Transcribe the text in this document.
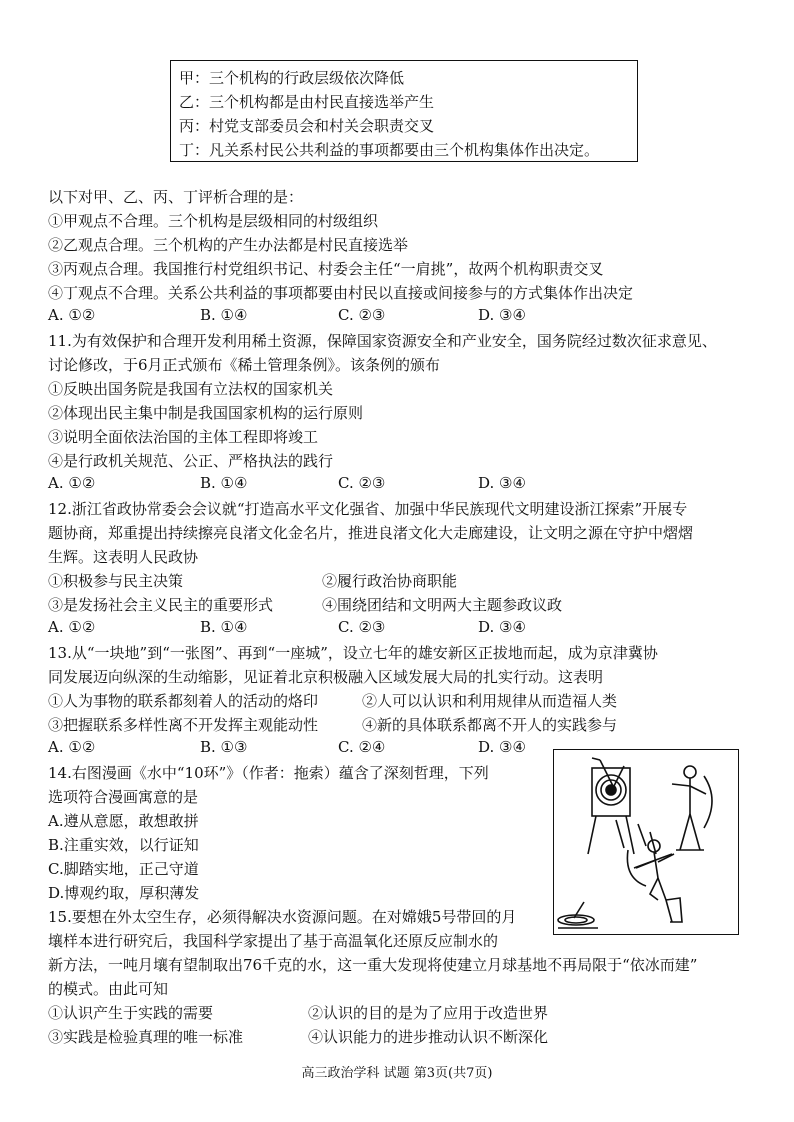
甲：三个机构的行政层级依次降低
乙：三个机构都是由村民直接选举产生
丙：村党支部委员会和村关会职责交叉
丁：凡关系村民公共利益的事项都要由三个机构集体作出决定。
以下对甲、乙、丙、丁评析合理的是：
①甲观点不合理。三个机构是层级相同的村级组织
②乙观点合理。三个机构的产生办法都是村民直接选举
③丙观点合理。我国推行村党组织书记、村委会主任“一肩挑”，故两个机构职责交叉
④丁观点不合理。关系公共利益的事项都要由村民以直接或间接参与的方式集体作出决定
A. ①②	B. ①④	C. ②③	D. ③④
11.为有效保护和合理开发利用稀土资源，保障国家资源安全和产业安全，国务院经过数次征求意见、
讨论修改，于6月正式颁布《稀土管理条例》。该条例的颁布
①反映出国务院是我国有立法权的国家机关
②体现出民主集中制是我国国家机构的运行原则
③说明全面依法治国的主体工程即将竣工
④是行政机关规范、公正、严格执法的践行
A. ①②	B. ①④	C. ②③	D. ③④
12.浙江省政协常委会会议就“打造高水平文化强省、加强中华民族现代文明建设浙江探索”开展专
题协商，郑重提出持续擦亮良渚文化金名片，推进良渚文化大走廊建设，让文明之源在守护中熠熠
生辉。这表明人民政协
①积极参与民主决策	②履行政治协商职能
③是发扬社会主义民主的重要形式	④围绕团结和文明两大主题参政议政
A. ①②	B. ①④	C. ②③	D. ③④
13.从“一块地”到“一张图”、再到“一座城”，设立七年的雄安新区正拔地而起，成为京津冀协
同发展迈向纵深的生动缩影，见证着北京积极融入区域发展大局的扎实行动。这表明
①人为事物的联系都刻着人的活动的烙印	②人可以认识和利用规律从而造福人类
③把握联系多样性离不开发挥主观能动性	④新的具体联系都离不开人的实践参与
A. ①②	B. ①③	C. ②④	D. ③④
14.右图漫画《水中“10环”》（作者：拖索）蕴含了深刻哲理，下列
选项符合漫画寓意的是
A.遵从意愿，敢想敢拼
B.注重实效，以行证知
C.脚踏实地，正己守道
D.博观约取，厚积薄发
15.要想在外太空生存，必须得解决水资源问题。在对嫦娥5号带回的月
壤样本进行研究后，我国科学家提出了基于高温氧化还原反应制水的
新方法，一吨月壤有望制取出76千克的水，这一重大发现将使建立月球基地不再局限于“依冰而建”
的模式。由此可知
①认识产生于实践的需要	②认识的目的是为了应用于改造世界
③实践是检验真理的唯一标准	④认识能力的进步推动认识不断深化
高三政治学科 试题 第3页(共7页)
